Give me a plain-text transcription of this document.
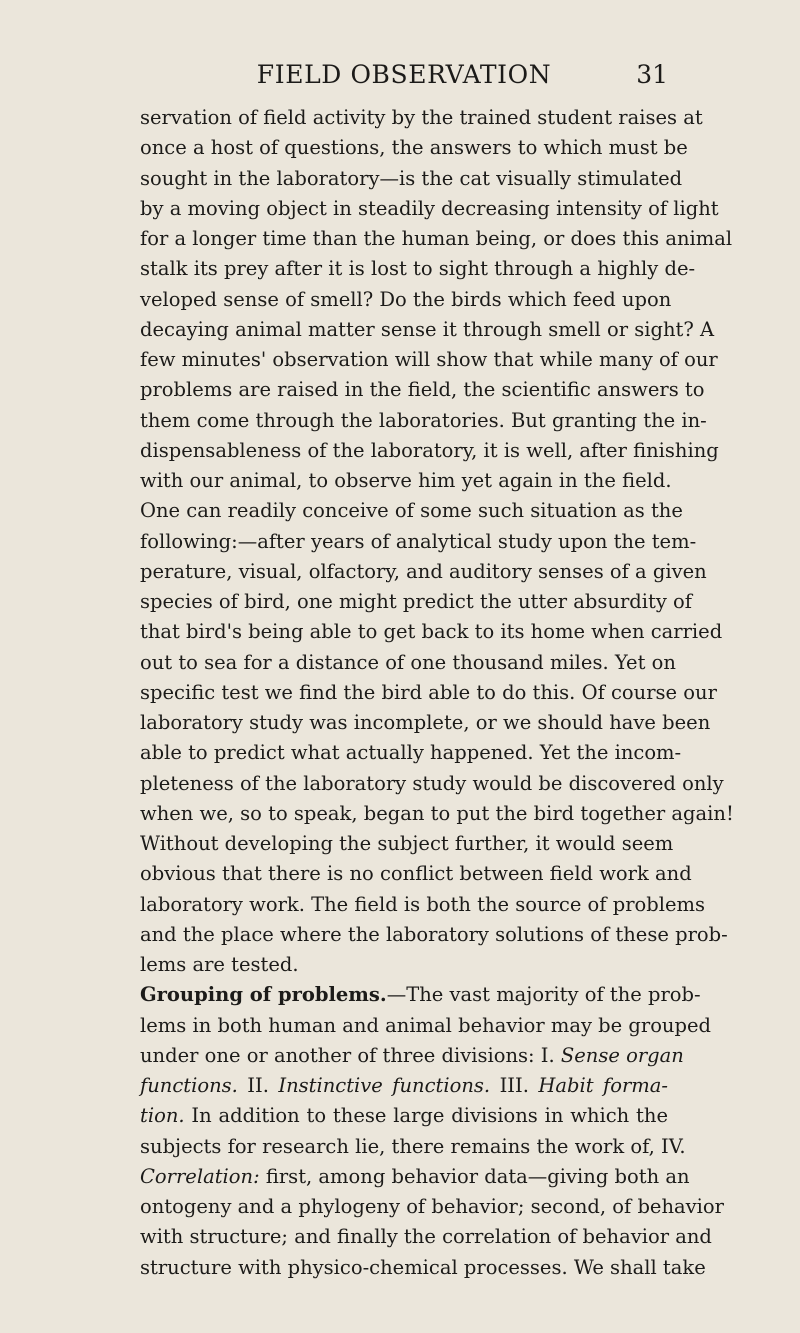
FIELD OBSERVATION	31
servation of field activity by the trained student raises at
once a host of questions, the answers to which must be
sought in the laboratory—is the cat visually stimulated
by a moving object in steadily decreasing intensity of light
for a longer time than the human being, or does this animal
stalk its prey after it is lost to sight through a highly de-
veloped sense of smell? Do the birds which feed upon
decaying animal matter sense it through smell or sight? A
few minutes' observation will show that while many of our
problems are raised in the field, the scientific answers to
them come through the laboratories. But granting the in-
dispensableness of the laboratory, it is well, after finishing
with our animal, to observe him yet again in the field.
One can readily conceive of some such situation as the
following:—after years of analytical study upon the tem-
perature, visual, olfactory, and auditory senses of a given
species of bird, one might predict the utter absurdity of
that bird's being able to get back to its home when carried
out to sea for a distance of one thousand miles. Yet on
specific test we find the bird able to do this. Of course our
laboratory study was incomplete, or we should have been
able to predict what actually happened. Yet the incom-
pleteness of the laboratory study would be discovered only
when we, so to speak, began to put the bird together again!
Without developing the subject further, it would seem
obvious that there is no conflict between field work and
laboratory work. The field is both the source of problems
and the place where the laboratory solutions of these prob-
lems are tested.
Grouping of problems.—The vast majority of the prob-
lems in both human and animal behavior may be grouped
under one or another of three divisions: I. Sense organ
functions. II. Instinctive functions. III. Habit forma-
tion. In addition to these large divisions in which the
subjects for research lie, there remains the work of, IV.
Correlation: first, among behavior data—giving both an
ontogeny and a phylogeny of behavior; second, of behavior
with structure; and finally the correlation of behavior and
structure with physico-chemical processes. We shall take
